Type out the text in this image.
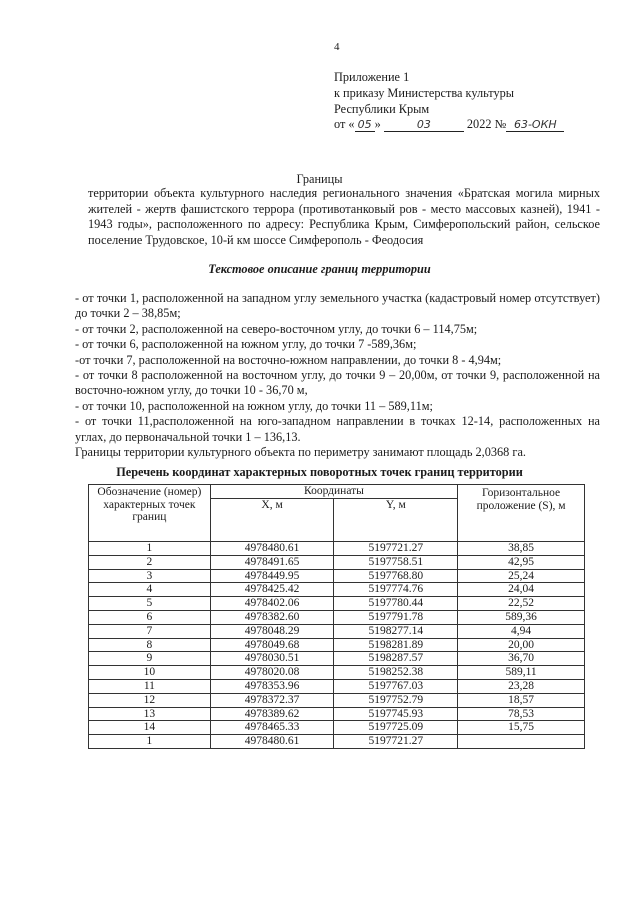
4
Приложение 1
к приказу Министерства культуры
Республики Крым
от « 05 »	03	2022 № 63-ОКН
Границы
территории объекта культурного наследия регионального значения «Братская могила мирных жителей - жертв фашистского террора (противотанковый ров - место массовых казней), 1941 - 1943 годы», расположенного по адресу: Республика Крым, Симферопольский район, сельское поселение Трудовское, 10-й км шоссе Симферополь - Феодосия
Текстовое описание границ территории

- от точки 1, расположенной на западном углу земельного участка (кадастровый номер отсутствует) до точки 2 – 38,85м;

- от точки 2, расположенной на северо-восточном углу, до точки 6 – 114,75м;

- от точки 6, расположенной на южном углу, до точки 7 -589,36м;

-от точки 7, расположенной на восточно-южном направлении, до точки 8 - 4,94м;

- от точки 8 расположенной на восточном углу, до точки 9 – 20,00м, от точки 9, расположенной на восточно-южном углу, до точки 10 - 36,70 м,

- от точки 10, расположенной на южном углу, до точки 11 – 589,11м;

- от точки 11,расположенной на юго-западном направлении в точках 12-14, расположенных на углах, до первоначальной точки 1 – 136,13.

Границы территории культурного объекта по периметру занимают площадь 2,0368 га.

Перечень координат характерных поворотных точек границ территории
Обозначение (номер) характерных точек границ	Координаты		Горизонтальное проложение (S), м
	X, м	Y, м	
1	4978480.61	5197721.27	38,85
2	4978491.65	5197758.51	42,95
3	4978449.95	5197768.80	25,24
4	4978425.42	5197774.76	24,04
5	4978402.06	5197780.44	22,52
6	4978382.60	5197791.78	589,36
7	4978048.29	5198277.14	4,94
8	4978049.68	5198281.89	20,00
9	4978030.51	5198287.57	36,70
10	4978020.08	5198252.38	589,11
11	4978353.96	5197767.03	23,28
12	4978372.37	5197752.79	18,57
13	4978389.62	5197745.93	78,53
14	4978465.33	5197725.09	15,75
1	4978480.61	5197721.27	
